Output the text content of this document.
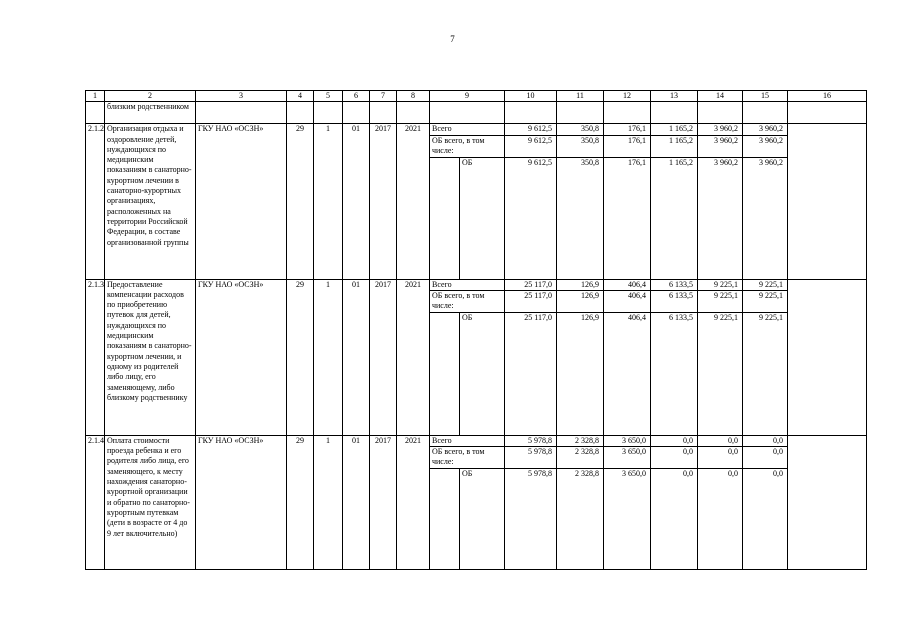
7
1	2	3	4	5	6	7	8	9		10	11	12	13	14	15	16
	близким родственником															
2.1.2	Организация отдыха и оздоровление детей, нуждающихся по медицинским показаниям в санаторно-курортном лечении в санаторно-курортных организациях, расположенных на территории Российской Федерации, в составе организованной группы	ГКУ НАО «ОСЗН»	29	1	01	2017	2021	Всего		9 612,5	350,8	176,1	1 165,2	3 960,2	3 960,2	
								ОБ всего, в том числе:		9 612,5	350,8	176,1	1 165,2	3 960,2	3 960,2	
									ОБ	9 612,5	350,8	176,1	1 165,2	3 960,2	3 960,2	
2.1.3	Предоставление компенсации расходов по приобретению путевок для детей, нуждающихся по медицинским показаниям в санаторно-курортном лечении, и одному из родителей либо лицу, его заменяющему, либо близкому родственнику	ГКУ НАО «ОСЗН»	29	1	01	2017	2021	Всего		25 117,0	126,9	406,4	6 133,5	9 225,1	9 225,1	
								ОБ всего, в том числе:		25 117,0	126,9	406,4	6 133,5	9 225,1	9 225,1	
									ОБ	25 117,0	126,9	406,4	6 133,5	9 225,1	9 225,1	
2.1.4	Оплата стоимости проезда ребенка и его родителя либо лица, его заменяющего, к месту нахождения санаторно-курортной организации и обратно по санаторно-курортным путевкам (дети в возрасте от 4 до 9 лет включительно)	ГКУ НАО «ОСЗН»	29	1	01	2017	2021	Всего		5 978,8	2 328,8	3 650,0	0,0	0,0	0,0	
								ОБ всего, в том числе:		5 978,8	2 328,8	3 650,0	0,0	0,0	0,0	
									ОБ	5 978,8	2 328,8	3 650,0	0,0	0,0	0,0	
